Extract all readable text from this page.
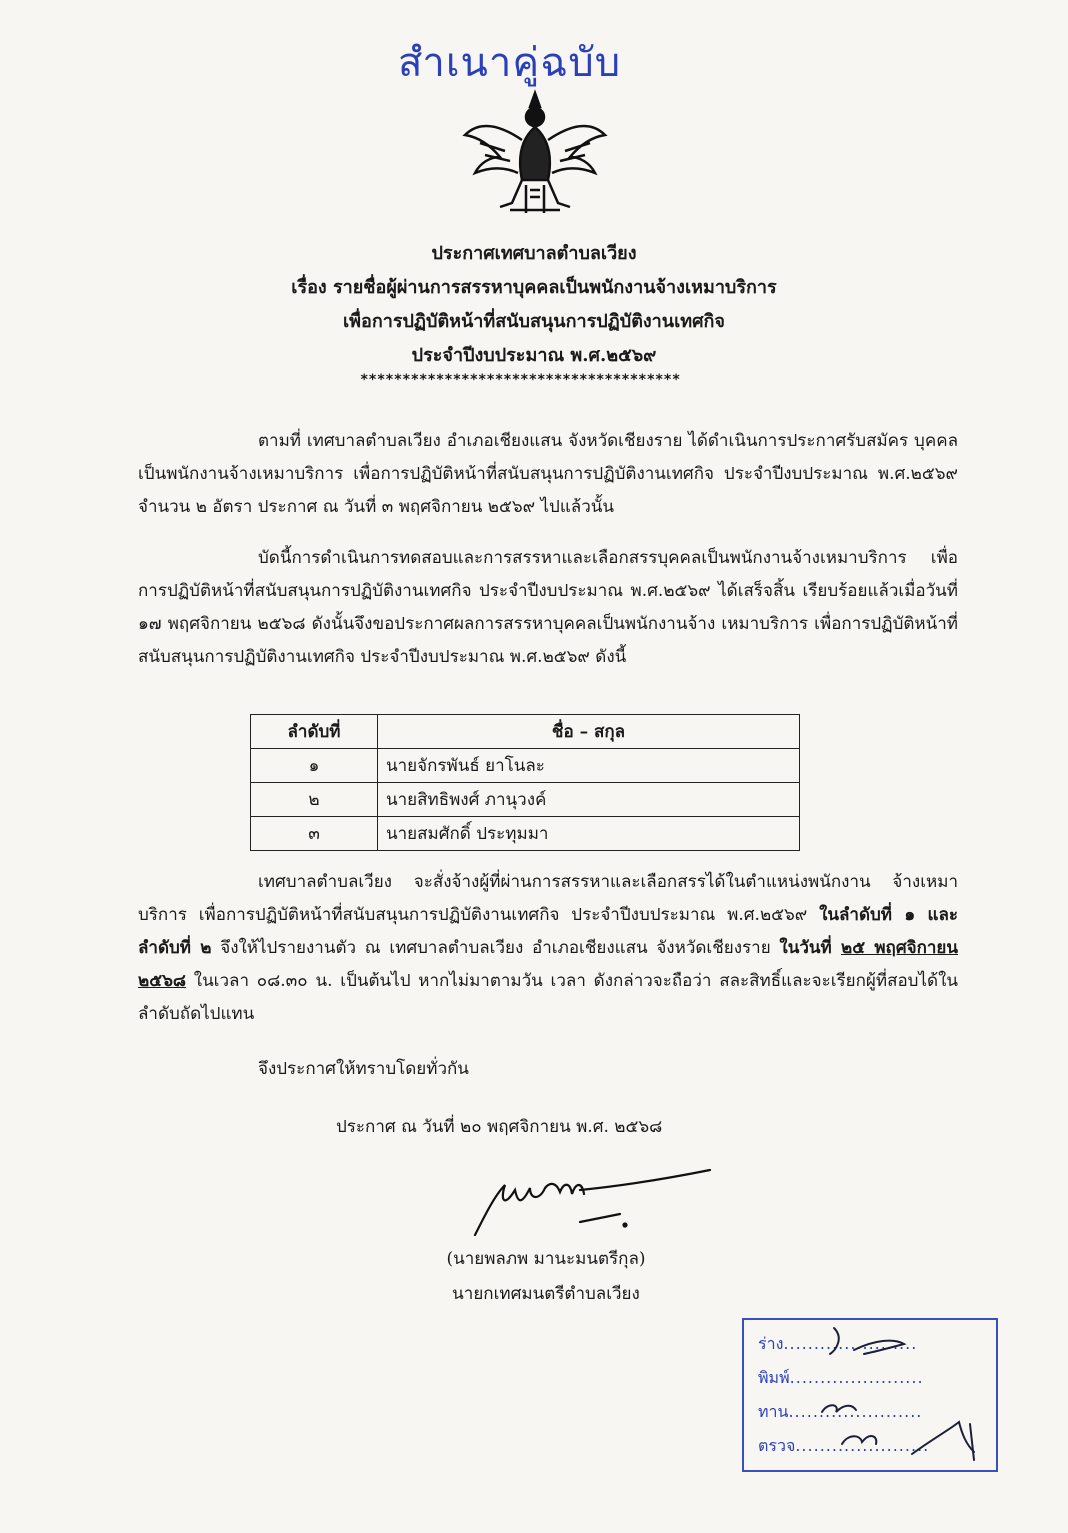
สำเนาคู่ฉบับ
ประกาศเทศบาลตำบลเวียง
เรื่อง รายชื่อผู้ผ่านการสรรหาบุคคลเป็นพนักงานจ้างเหมาบริการ
เพื่อการปฏิบัติหน้าที่สนับสนุนการปฏิบัติงานเทศกิจ
ประจำปีงบประมาณ พ.ศ.๒๕๖๙
**************************************

ตามที่ เทศบาลตำบลเวียง อำเภอเชียงแสน จังหวัดเชียงราย ได้ดำเนินการประกาศรับสมัคร บุคคลเป็นพนักงานจ้างเหมาบริการ เพื่อการปฏิบัติหน้าที่สนับสนุนการปฏิบัติงานเทศกิจ ประจำปีงบประมาณ พ.ศ.๒๕๖๙ จำนวน ๒ อัตรา ประกาศ ณ วันที่ ๓ พฤศจิกายน ๒๕๖๙ ไปแล้วนั้น

บัดนี้การดำเนินการทดสอบและการสรรหาและเลือกสรรบุคคลเป็นพนักงานจ้างเหมาบริการ เพื่อการปฏิบัติหน้าที่สนับสนุนการปฏิบัติงานเทศกิจ ประจำปีงบประมาณ พ.ศ.๒๕๖๙ ได้เสร็จสิ้น เรียบร้อยแล้วเมื่อวันที่ ๑๗ พฤศจิกายน ๒๕๖๘ ดังนั้นจึงขอประกาศผลการสรรหาบุคคลเป็นพนักงานจ้าง เหมาบริการ เพื่อการปฏิบัติหน้าที่สนับสนุนการปฏิบัติงานเทศกิจ ประจำปีงบประมาณ พ.ศ.๒๕๖๙ ดังนี้

ลำดับที่	ชื่อ – สกุล
๑	นายจักรพันธ์ ยาโนละ
๒	นายสิทธิพงศ์ ภานุวงค์
๓	นายสมศักดิ์ ประทุมมา

เทศบาลตำบลเวียง จะสั่งจ้างผู้ที่ผ่านการสรรหาและเลือกสรรได้ในตำแหน่งพนักงาน จ้างเหมาบริการ เพื่อการปฏิบัติหน้าที่สนับสนุนการปฏิบัติงานเทศกิจ ประจำปีงบประมาณ พ.ศ.๒๕๖๙ ในลำดับที่ ๑ และลำดับที่ ๒ จึงให้ไปรายงานตัว ณ เทศบาลตำบลเวียง อำเภอเชียงแสน จังหวัดเชียงราย ในวันที่ ๒๕ พฤศจิกายน ๒๕๖๘ ในเวลา ๐๘.๓๐ น. เป็นต้นไป หากไม่มาตามวัน เวลา ดังกล่าวจะถือว่า สละสิทธิ์และจะเรียกผู้ที่สอบได้ในลำดับถัดไปแทน

จึงประกาศให้ทราบโดยทั่วกัน
ประกาศ ณ วันที่ ๒๐ พฤศจิกายน พ.ศ. ๒๕๖๘
(นายพลภพ มานะมนตรีกุล)
นายกเทศมนตรีตำบลเวียง
ร่าง......................
พิมพ์......................
ทาน......................
ตรวจ......................
